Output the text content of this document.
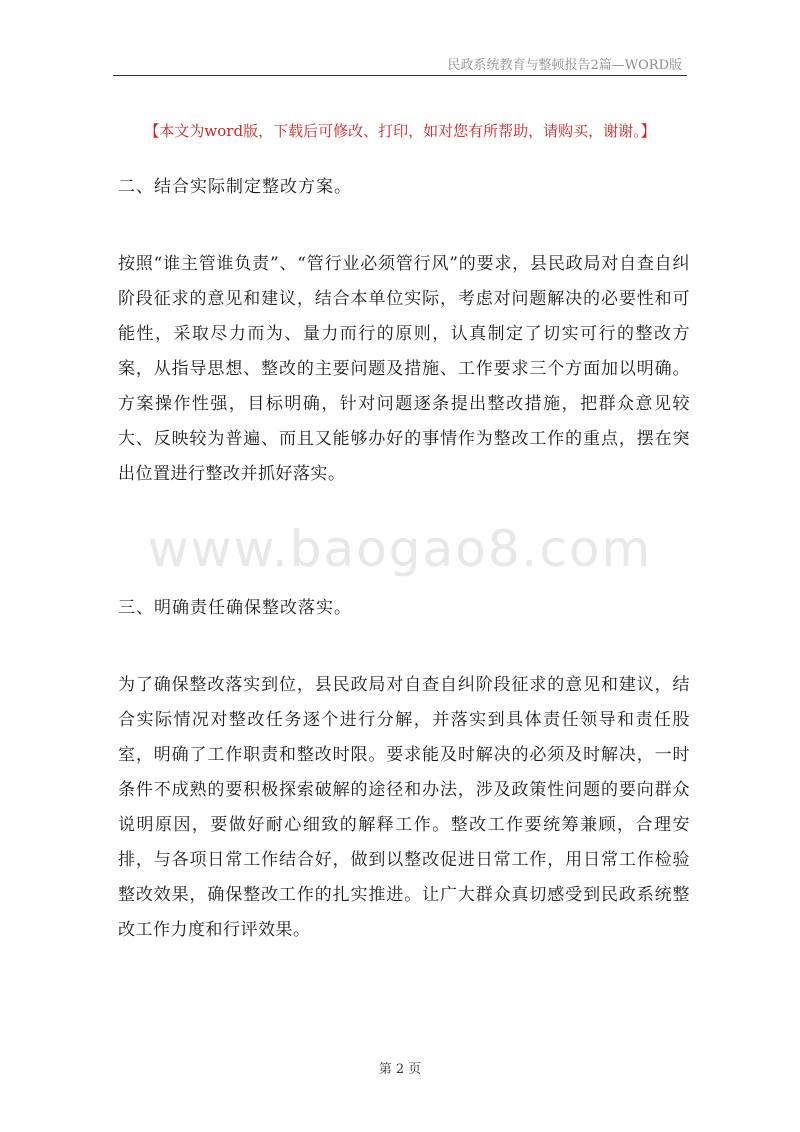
民政系统教育与整顿报告2篇—WORD版
【本文为word版，下载后可修改、打印，如对您有所帮助，请购买，谢谢。】
二、结合实际制定整改方案。

按照“谁主管谁负责”、“管行业必须管行风”的要求，县民政局对自查自纠阶段征求的意见和建议，结合本单位实际，考虑对问题解决的必要性和可能性，采取尽力而为、量力而行的原则，认真制定了切实可行的整改方案，从指导思想、整改的主要问题及措施、工作要求三个方面加以明确。方案操作性强，目标明确，针对问题逐条提出整改措施，把群众意见较大、反映较为普遍、而且又能够办好的事情作为整改工作的重点，摆在突出位置进行整改并抓好落实。

www.baogao8.com
三、明确责任确保整改落实。

为了确保整改落实到位，县民政局对自查自纠阶段征求的意见和建议，结合实际情况对整改任务逐个进行分解，并落实到具体责任领导和责任股室，明确了工作职责和整改时限。要求能及时解决的必须及时解决，一时条件不成熟的要积极探索破解的途径和办法，涉及政策性问题的要向群众说明原因，要做好耐心细致的解释工作。整改工作要统筹兼顾，合理安排，与各项日常工作结合好，做到以整改促进日常工作，用日常工作检验整改效果，确保整改工作的扎实推进。让广大群众真切感受到民政系统整改工作力度和行评效果。

第 2 页
